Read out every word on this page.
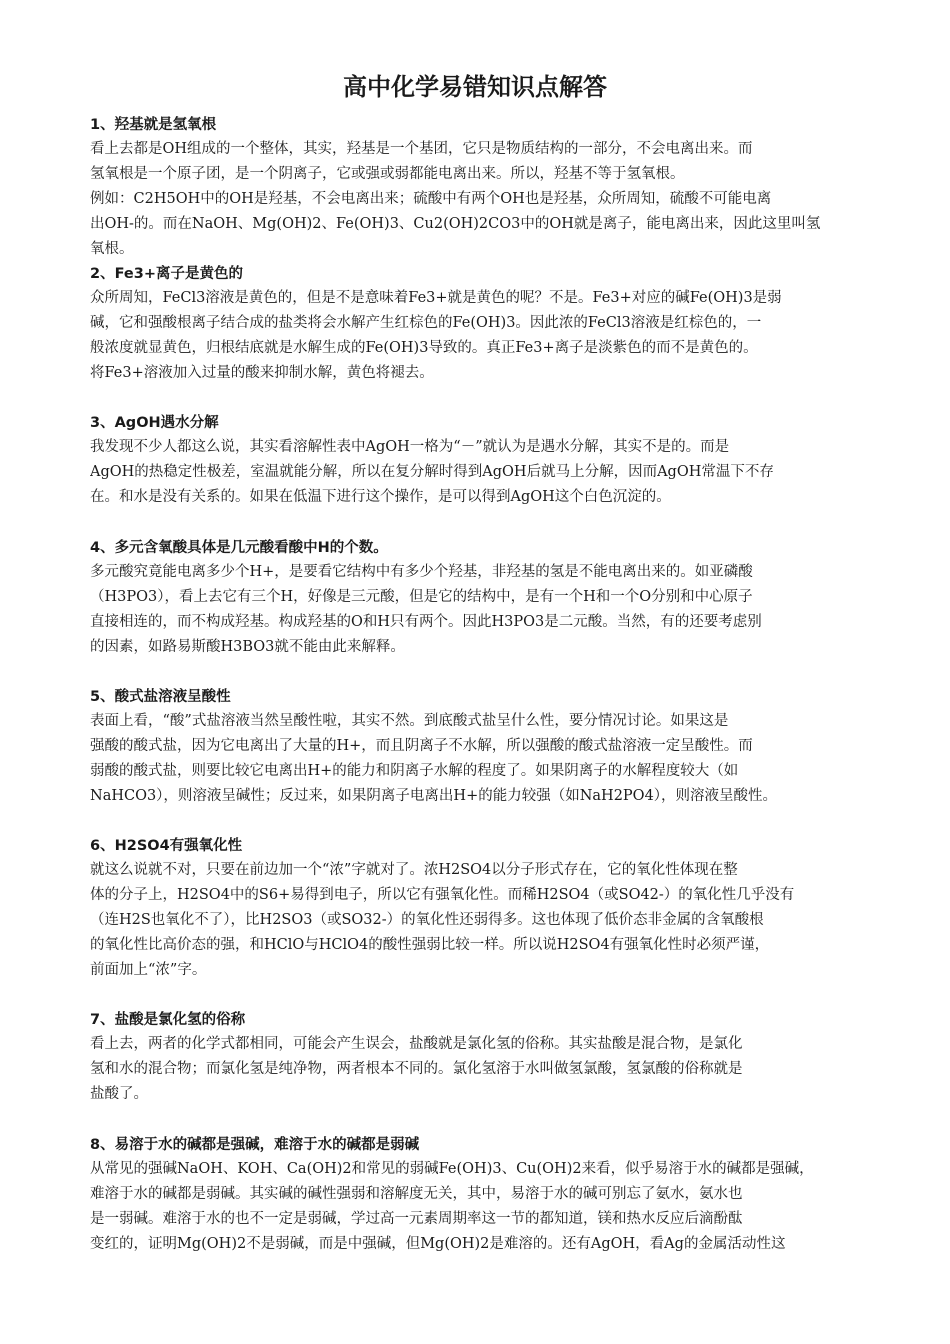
高中化学易错知识点解答
1、羟基就是氢氧根
看上去都是OH组成的一个整体，其实，羟基是一个基团，它只是物质结构的一部分，不会电离出来。而
氢氧根是一个原子团，是一个阴离子，它或强或弱都能电离出来。所以，羟基不等于氢氧根。
例如：C2H5OH中的OH是羟基，不会电离出来；硫酸中有两个OH也是羟基，众所周知，硫酸不可能电离
出OH-的。而在NaOH、Mg(OH)2、Fe(OH)3、Cu2(OH)2CO3中的OH就是离子，能电离出来，因此这里叫氢
氧根。
2、Fe3+离子是黄色的
众所周知，FeCl3溶液是黄色的，但是不是意味着Fe3+就是黄色的呢？不是。Fe3+对应的碱Fe(OH)3是弱
碱，它和强酸根离子结合成的盐类将会水解产生红棕色的Fe(OH)3。因此浓的FeCl3溶液是红棕色的，一
般浓度就显黄色，归根结底就是水解生成的Fe(OH)3导致的。真正Fe3+离子是淡紫色的而不是黄色的。
将Fe3+溶液加入过量的酸来抑制水解，黄色将褪去。
3、AgOH遇水分解
我发现不少人都这么说，其实看溶解性表中AgOH一格为“－”就认为是遇水分解，其实不是的。而是
AgOH的热稳定性极差，室温就能分解，所以在复分解时得到AgOH后就马上分解，因而AgOH常温下不存
在。和水是没有关系的。如果在低温下进行这个操作，是可以得到AgOH这个白色沉淀的。
4、多元含氧酸具体是几元酸看酸中H的个数。
多元酸究竟能电离多少个H+，是要看它结构中有多少个羟基，非羟基的氢是不能电离出来的。如亚磷酸
（H3PO3），看上去它有三个H，好像是三元酸，但是它的结构中，是有一个H和一个O分别和中心原子
直接相连的，而不构成羟基。构成羟基的O和H只有两个。因此H3PO3是二元酸。当然，有的还要考虑别
的因素，如路易斯酸H3BO3就不能由此来解释。
5、酸式盐溶液呈酸性
表面上看，“酸”式盐溶液当然呈酸性啦，其实不然。到底酸式盐呈什么性，要分情况讨论。如果这是
强酸的酸式盐，因为它电离出了大量的H+，而且阴离子不水解，所以强酸的酸式盐溶液一定呈酸性。而
弱酸的酸式盐，则要比较它电离出H+的能力和阴离子水解的程度了。如果阴离子的水解程度较大（如
NaHCO3），则溶液呈碱性；反过来，如果阴离子电离出H+的能力较强（如NaH2PO4），则溶液呈酸性。
6、H2SO4有强氧化性
就这么说就不对，只要在前边加一个“浓”字就对了。浓H2SO4以分子形式存在，它的氧化性体现在整
体的分子上，H2SO4中的S6+易得到电子，所以它有强氧化性。而稀H2SO4（或SO42-）的氧化性几乎没有
（连H2S也氧化不了），比H2SO3（或SO32-）的氧化性还弱得多。这也体现了低价态非金属的含氧酸根
的氧化性比高价态的强，和HClO与HClO4的酸性强弱比较一样。所以说H2SO4有强氧化性时必须严谨，
前面加上“浓”字。
7、盐酸是氯化氢的俗称
看上去，两者的化学式都相同，可能会产生误会，盐酸就是氯化氢的俗称。其实盐酸是混合物，是氯化
氢和水的混合物；而氯化氢是纯净物，两者根本不同的。氯化氢溶于水叫做氢氯酸，氢氯酸的俗称就是
盐酸了。
8、易溶于水的碱都是强碱，难溶于水的碱都是弱碱
从常见的强碱NaOH、KOH、Ca(OH)2和常见的弱碱Fe(OH)3、Cu(OH)2来看，似乎易溶于水的碱都是强碱，
难溶于水的碱都是弱碱。其实碱的碱性强弱和溶解度无关，其中，易溶于水的碱可别忘了氨水，氨水也
是一弱碱。难溶于水的也不一定是弱碱，学过高一元素周期率这一节的都知道，镁和热水反应后滴酚酞
变红的，证明Mg(OH)2不是弱碱，而是中强碱，但Mg(OH)2是难溶的。还有AgOH，看Ag的金属活动性这
